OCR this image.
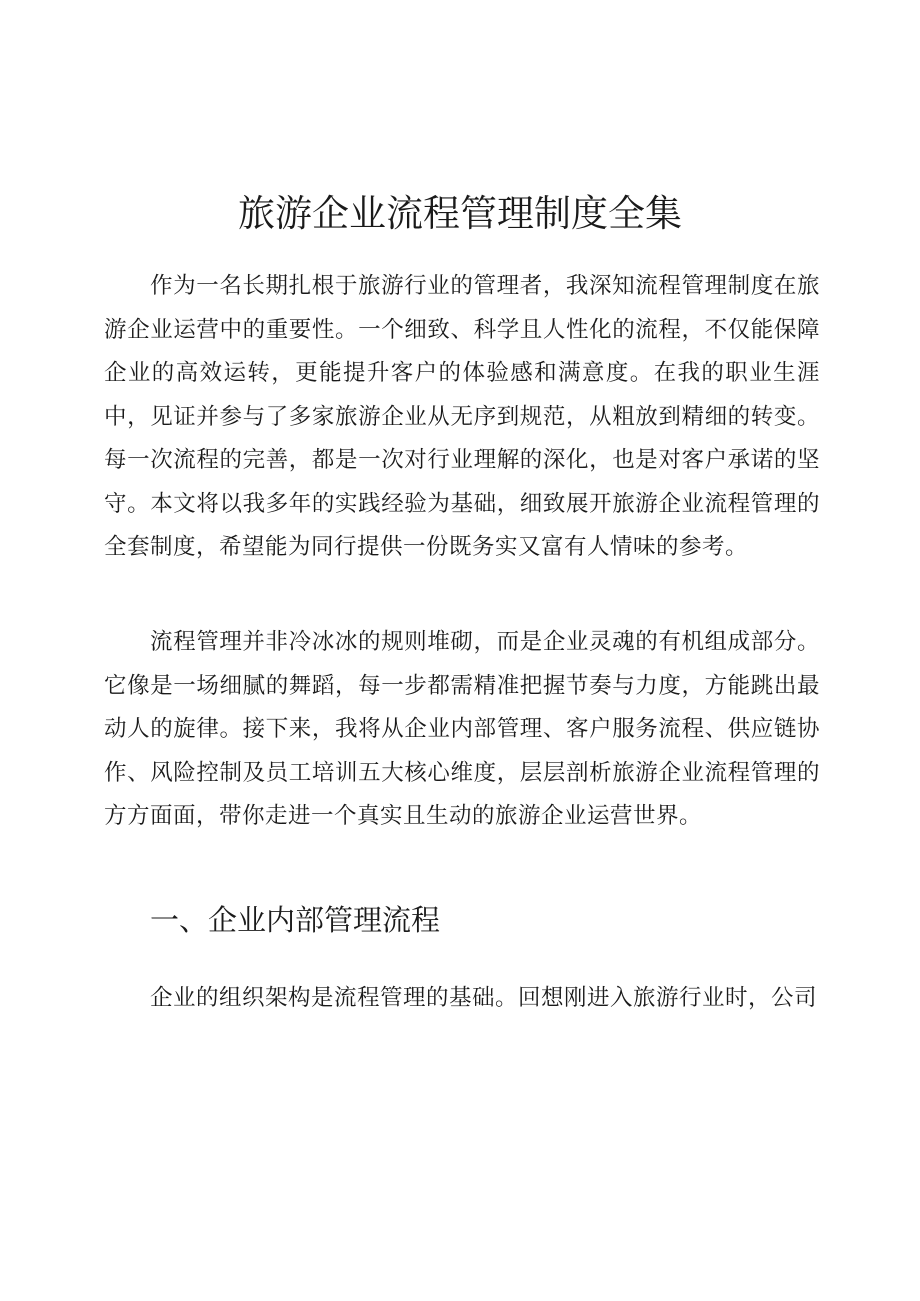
旅游企业流程管理制度全集

作为一名长期扎根于旅游行业的管理者，我深知流程管理制度在旅游企业运营中的重要性。一个细致、科学且人性化的流程，不仅能保障企业的高效运转，更能提升客户的体验感和满意度。在我的职业生涯中，见证并参与了多家旅游企业从无序到规范，从粗放到精细的转变。每一次流程的完善，都是一次对行业理解的深化，也是对客户承诺的坚守。本文将以我多年的实践经验为基础，细致展开旅游企业流程管理的全套制度，希望能为同行提供一份既务实又富有人情味的参考。

流程管理并非冷冰冰的规则堆砌，而是企业灵魂的有机组成部分。它像是一场细腻的舞蹈，每一步都需精准把握节奏与力度，方能跳出最动人的旋律。接下来，我将从企业内部管理、客户服务流程、供应链协作、风险控制及员工培训五大核心维度，层层剖析旅游企业流程管理的方方面面，带你走进一个真实且生动的旅游企业运营世界。

一、企业内部管理流程

企业的组织架构是流程管理的基础。回想刚进入旅游行业时，公司
